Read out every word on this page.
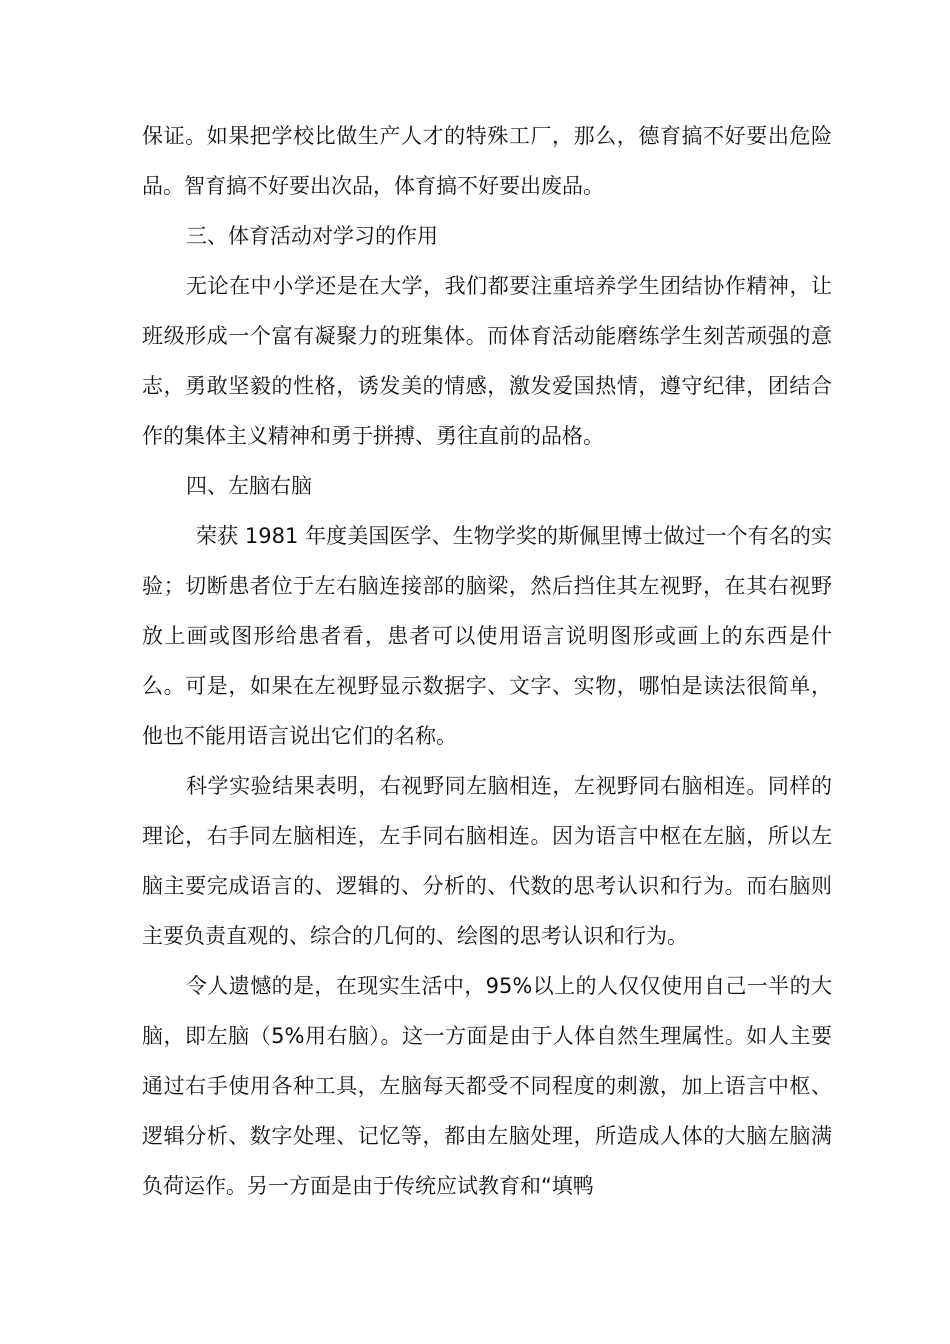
保证。如果把学校比做生产人才的特殊工厂，那么，德育搞不好要出危险品。智育搞不好要出次品，体育搞不好要出废品。

三、体育活动对学习的作用

无论在中小学还是在大学，我们都要注重培养学生团结协作精神，让班级形成一个富有凝聚力的班集体。而体育活动能磨练学生刻苦顽强的意志，勇敢坚毅的性格，诱发美的情感，激发爱国热情，遵守纪律，团结合作的集体主义精神和勇于拼搏、勇往直前的品格。

四、左脑右脑

荣获 1981 年度美国医学、生物学奖的斯佩里博士做过一个有名的实验；切断患者位于左右脑连接部的脑梁，然后挡住其左视野，在其右视野放上画或图形给患者看，患者可以使用语言说明图形或画上的东西是什么。可是，如果在左视野显示数据字、文字、实物，哪怕是读法很简单，他也不能用语言说出它们的名称。

科学实验结果表明，右视野同左脑相连，左视野同右脑相连。同样的理论，右手同左脑相连，左手同右脑相连。因为语言中枢在左脑，所以左脑主要完成语言的、逻辑的、分析的、代数的思考认识和行为。而右脑则主要负责直观的、综合的几何的、绘图的思考认识和行为。

令人遗憾的是，在现实生活中，95%以上的人仅仅使用自己一半的大脑，即左脑（5%用右脑）。这一方面是由于人体自然生理属性。如人主要通过右手使用各种工具，左脑每天都受不同程度的刺激，加上语言中枢、逻辑分析、数字处理、记忆等，都由左脑处理，所造成人体的大脑左脑满负荷运作。另一方面是由于传统应试教育和“填鸭
